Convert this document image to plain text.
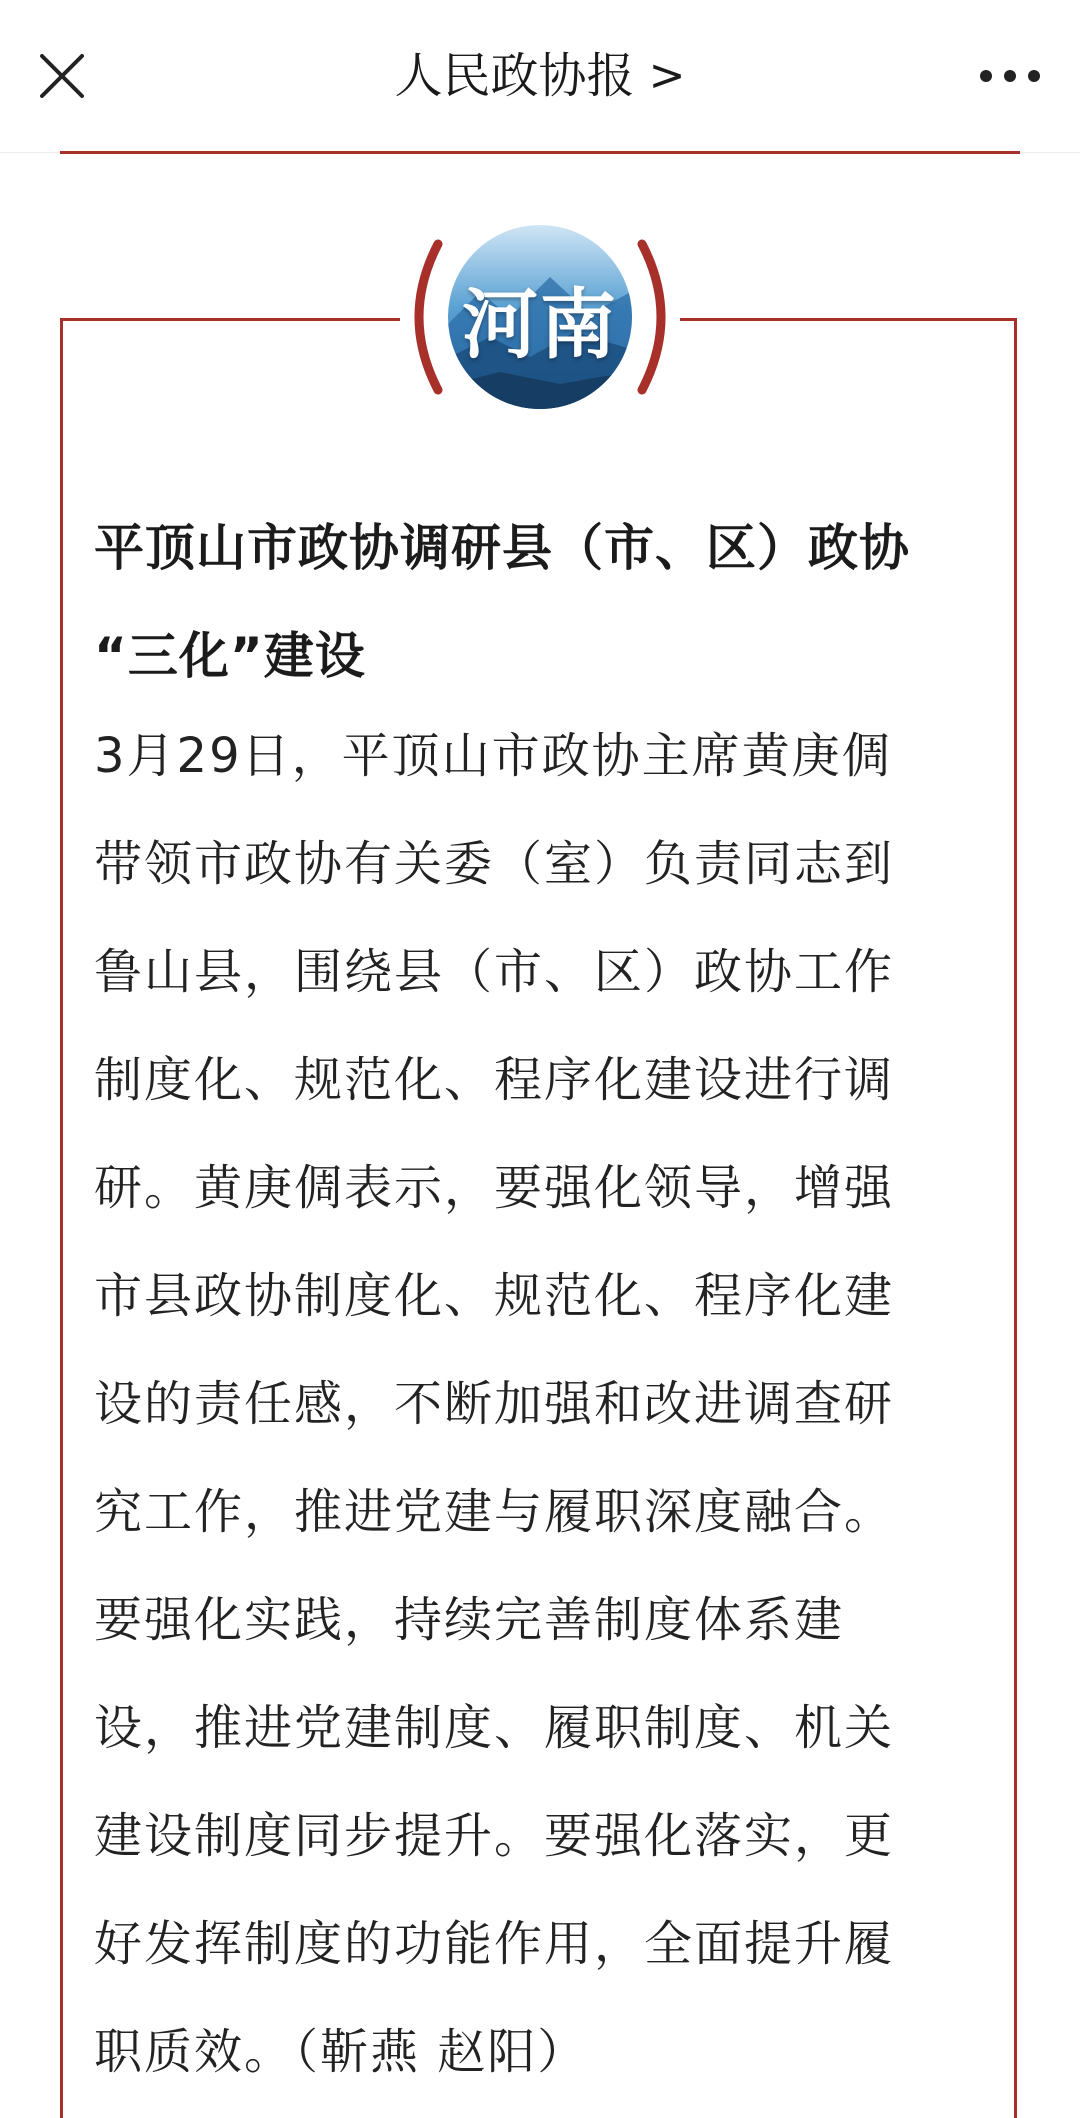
人民政协报 >
河南
平顶山市政协调研县（市、区）政协
“三化”建设
3月29日，平顶山市政协主席黄庚倜
带领市政协有关委（室）负责同志到
鲁山县，围绕县（市、区）政协工作
制度化、规范化、程序化建设进行调
研。黄庚倜表示，要强化领导，增强
市县政协制度化、规范化、程序化建
设的责任感，不断加强和改进调查研
究工作，推进党建与履职深度融合。
要强化实践，持续完善制度体系建
设，推进党建制度、履职制度、机关
建设制度同步提升。要强化落实，更
好发挥制度的功能作用，全面提升履
职质效。（靳燕 赵阳）
